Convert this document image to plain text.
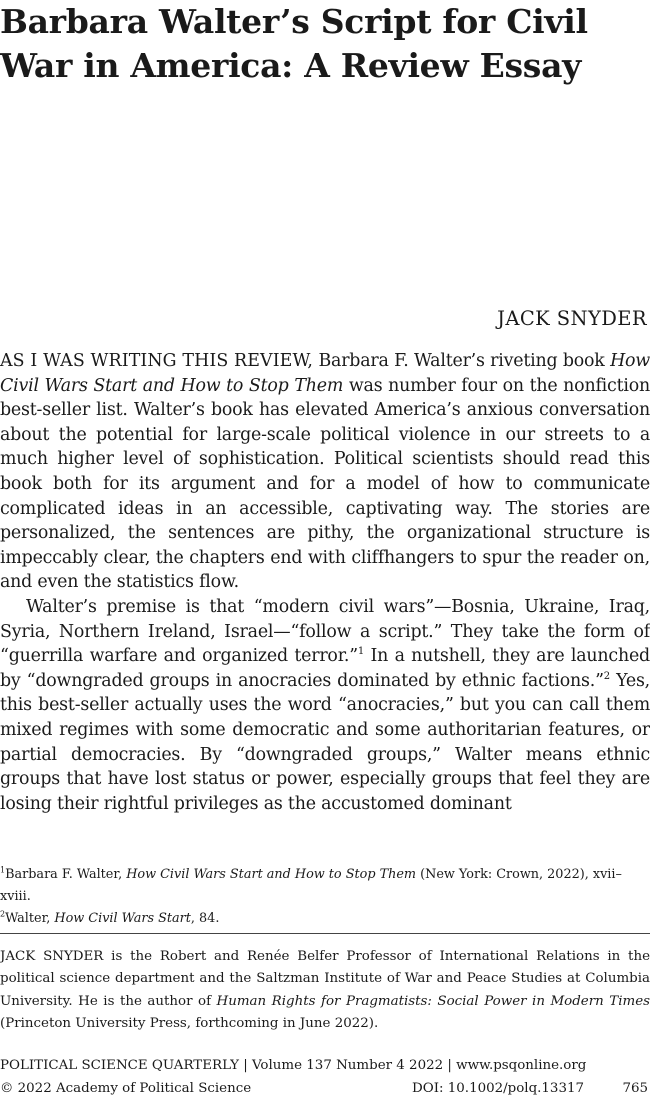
Barbara Walter’s Script for Civil War in America: A Review Essay
JACK SNYDER

AS I WAS WRITING THIS REVIEW, Barbara F. Walter’s riveting book How Civil Wars Start and How to Stop Them was number four on the nonfiction best-seller list. Walter’s book has elevated America’s anxious conversation about the potential for large-scale political violence in our streets to a much higher level of sophistication. Political scientists should read this book both for its argument and for a model of how to communicate complicated ideas in an accessible, captivating way. The stories are personalized, the sentences are pithy, the organizational structure is impeccably clear, the chapters end with cliffhangers to spur the reader on, and even the statistics flow.

Walter’s premise is that “modern civil wars”—Bosnia, Ukraine, Iraq, Syria, Northern Ireland, Israel—“follow a script.” They take the form of “guerrilla warfare and organized terror.”$^1$ In a nutshell, they are launched by “downgraded groups in anocracies dominated by ethnic factions.”$^2$ Yes, this best-seller actually uses the word “anocracies,” but you can call them mixed regimes with some democratic and some authoritarian features, or partial democracies. By “downgraded groups,” Walter means ethnic groups that have lost status or power, especially groups that feel they are losing their rightful privileges as the accustomed dominant

$^1$Barbara F. Walter, How Civil Wars Start and How to Stop Them (New York: Crown, 2022), xvii–xviii.
$^2$Walter, How Civil Wars Start, 84.
JACK SNYDER is the Robert and Renée Belfer Professor of International Relations in the political science department and the Saltzman Institute of War and Peace Studies at Columbia University. He is the author of Human Rights for Pragmatists: Social Power in Modern Times (Princeton University Press, forthcoming in June 2022).
POLITICAL SCIENCE QUARTERLY | Volume 137 Number 4 2022 | www.psqonline.org
© 2022 Academy of Political Science	DOI: 10.1002/polq.13317	765
